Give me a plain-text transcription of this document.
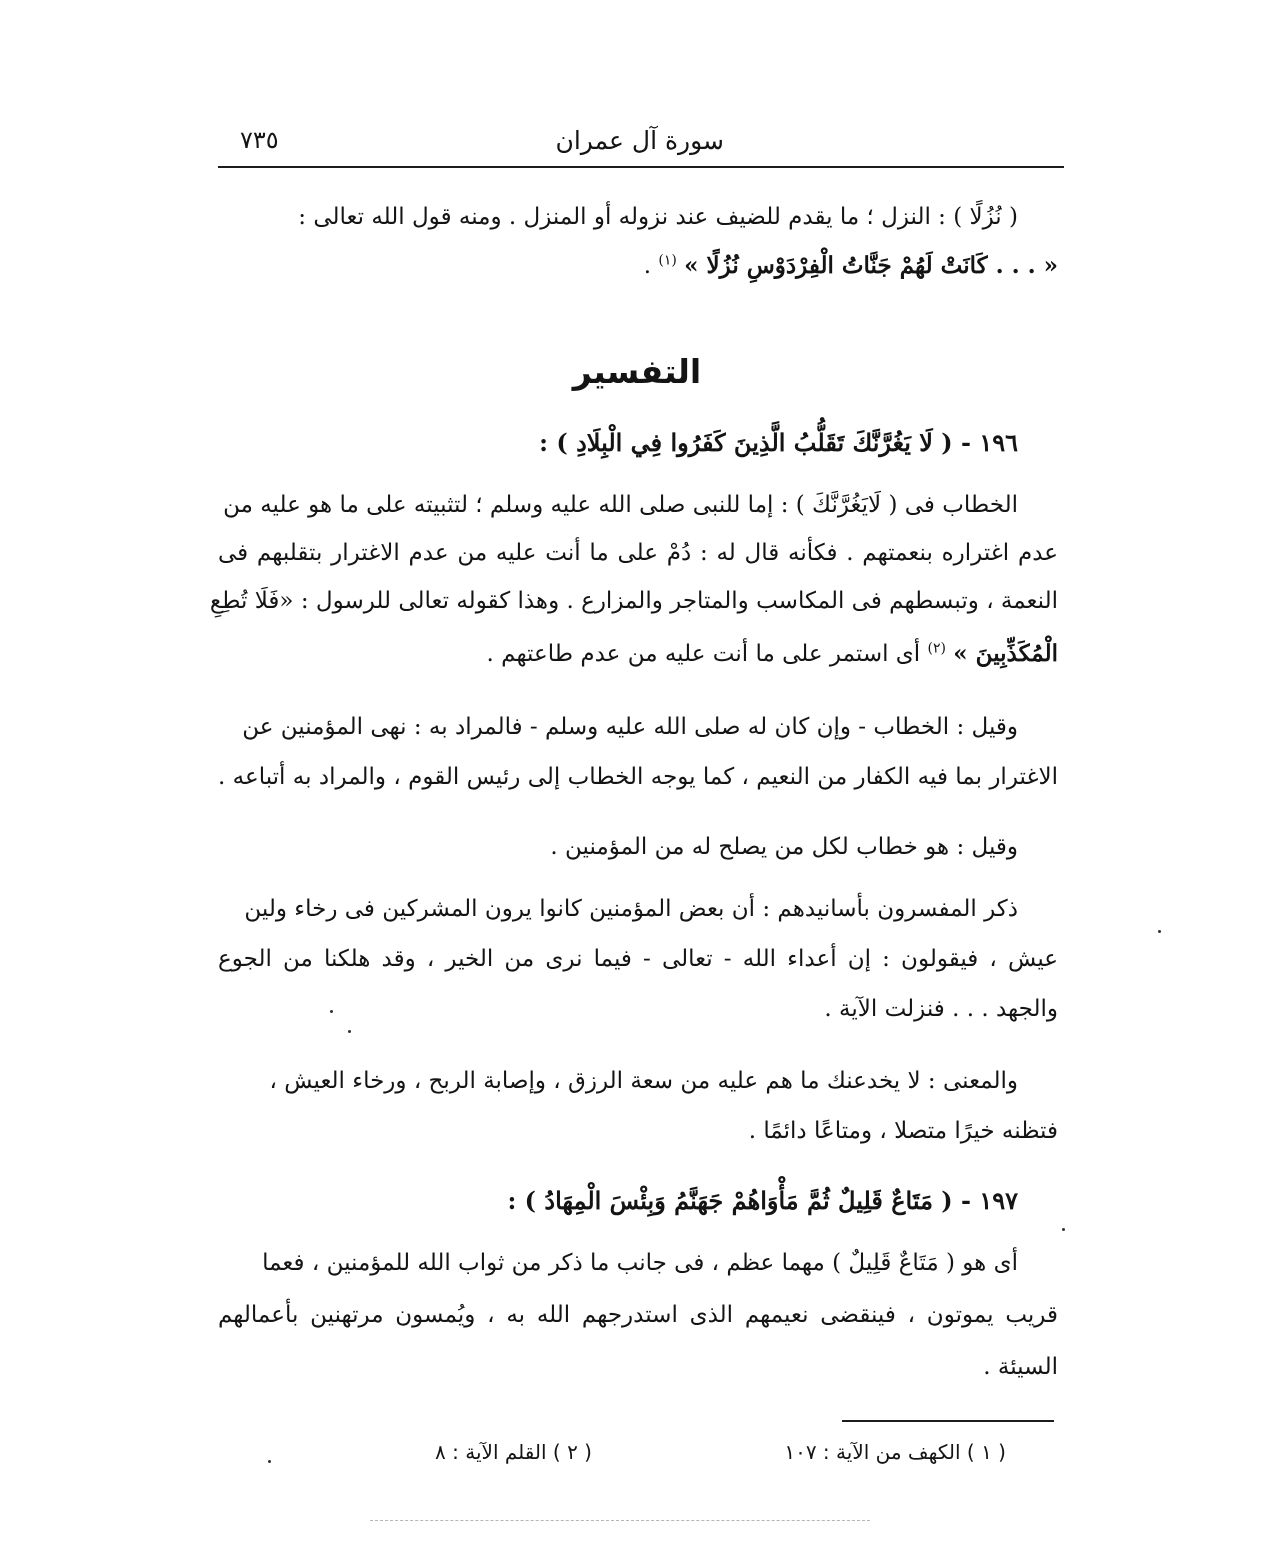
سورة آل عمران
٧٣٥
( نُزُلًا ) : النزل ؛ ما يقدم للضيف عند نزوله أو المنزل . ومنه قول الله تعالى :
« . . . كَانَتْ لَهُمْ جَنَّاتُ الْفِرْدَوْسِ نُزُلًا » $^{(١)}$ .
التفسير
١٩٦ - ( لَا يَغُرَّنَّكَ تَقَلُّبُ الَّذِينَ كَفَرُوا فِي الْبِلَادِ ) :
الخطاب فى ( لَايَغُرَّنَّكَ ) : إما للنبى صلى الله عليه وسلم ؛ لتثبيته على ما هو عليه من
عدم اغتراره بنعمتهم . فكأنه قال له : دُمْ على ما أنت عليه من عدم الاغترار بتقلبهم فى
النعمة ، وتبسطهم فى المكاسب والمتاجر والمزارع . وهذا كقوله تعالى للرسول : «فَلَا تُطِعِ
الْمُكَذِّبِينَ » $^{(٢)}$ أى استمر على ما أنت عليه من عدم طاعتهم .
وقيل : الخطاب - وإن كان له صلى الله عليه وسلم - فالمراد به : نهى المؤمنين عن
الاغترار بما فيه الكفار من النعيم ، كما يوجه الخطاب إلى رئيس القوم ، والمراد به أتباعه .
وقيل : هو خطاب لكل من يصلح له من المؤمنين .
ذكر المفسرون بأسانيدهم : أن بعض المؤمنين كانوا يرون المشركين فى رخاء ولين
عيش ، فيقولون : إن أعداء الله - تعالى - فيما نرى من الخير ، وقد هلكنا من الجوع
والجهد . . . فنزلت الآية .
والمعنى : لا يخدعنك ما هم عليه من سعة الرزق ، وإصابة الربح ، ورخاء العيش ،
فتظنه خيرًا متصلا ، ومتاعًا دائمًا .
١٩٧ - ( مَتَاعٌ قَلِيلٌ ثُمَّ مَأْوَاهُمْ جَهَنَّمُ وَبِئْسَ الْمِهَادُ ) :
أى هو ( مَتَاعٌ قَلِيلٌ ) مهما عظم ، فى جانب ما ذكر من ثواب الله للمؤمنين ، فعما
قريب يموتون ، فينقضى نعيمهم الذى استدرجهم الله به ، ويُمسون مرتهنين بأعمالهم
السيئة .
( ١ ) الكهف من الآية : ١٠٧
( ٢ ) القلم الآية : ٨
